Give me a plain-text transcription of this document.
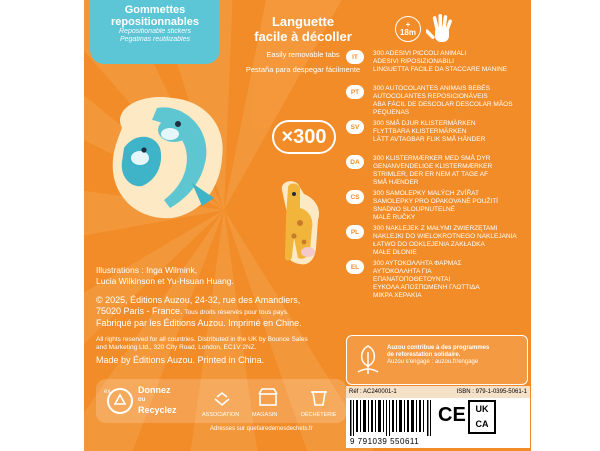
Gommettes
repositionnables
Repositionable stickers
Pegatinas reutilizables
Languette
facile à décoller
Easily removable tabs
Pestaña para despegar fácilmente
+
18m
×300
IT	300 ADESIVI PICCOLI ANIMALI
ADESIVI RIPOSIZIONABILI
LINGUETTA FACILE DA STACCARE MANINE
PT	300 AUTOCOLANTES ANIMAIS BEBÉS
AUTOCOLANTES REPOSICIONÁVEIS
ABA FÁCIL DE DESCOLAR DESCOLAR MÃOS
PEQUENAS
SV	300 SMÅ DJUR KLISTERMÄRKEN
FLYTTBARA KLISTERMÄRKEN
LÄTT AVTAGBAR FLIK SMÅ HÄNDER
DA	300 KLISTERMÆRKER MED SMÅ DYR
GENANVENDELIGE KLISTERMÆRKER
STRIMLER, DER ER NEM AT TAGE AF
SMÅ HÆNDER
CS	300 SAMOLEPKY MALÝCH ZVÍŘAT
SAMOLEPKY PRO OPAKOVANÉ POUŽITÍ
SNADNO SLOUPNUTELNÉ
MALÉ RUČKY
PL	300 NAKLEJEK Z MAŁYMI ZWIERZĘTAMI
NAKLEJKI DO WIELOKROTNEGO NAKLEJANIA
ŁATWO DO ODKLEJENIA ZAKŁADKA
MAŁE DŁONIE
EL	300 ΑΥΤΟΚΟΛΛΗΤΑ ΦΑΡΜΑΣ
ΑΥΤΟΚΟΛΛΗΤΑ ΓΙΑ
ΕΠΑΝΑΤΟΠΟΘΕΤΟΥΝΤΑΙ
ΕΥΚΟΛΑ ΑΠΟΣΠΩΜΕΝΗ ΓΛΩΤΤΙΔΑ
ΜΙΚΡΑ ΧΕΡΑΚΙΑ
Illustrations : Inga Wilmink,
Lucia Wilkinson et Yu-Hsuan Huang.
© 2025, Éditions Auzou, 24-32, rue des Amandiers,
75020 Paris - France. Tous droits réservés pour tous pays.
Fabriqué par les Éditions Auzou. Imprimé en Chine.
All rights reserved for all countries. Distributed in the UK by Bounce Sales
and Marketing Ltd., 320 City Road, London, EC1V 2NZ.
Made by Éditions Auzou. Printed in China.
Donnez
ou
Recyclez	ASSOCIATION MAGASIN	DÉCHÈTERIE
ex
Adresses sur quefairedemesdechets.fr
Auzou contribue à des programmes
de reforestation solidaire.
Auzou s'engage : auzou.fr/engage
Réf : AC240001-1	ISBN : 979-1-0395-5061-1
9 791039 550611
CE	UK
CA
